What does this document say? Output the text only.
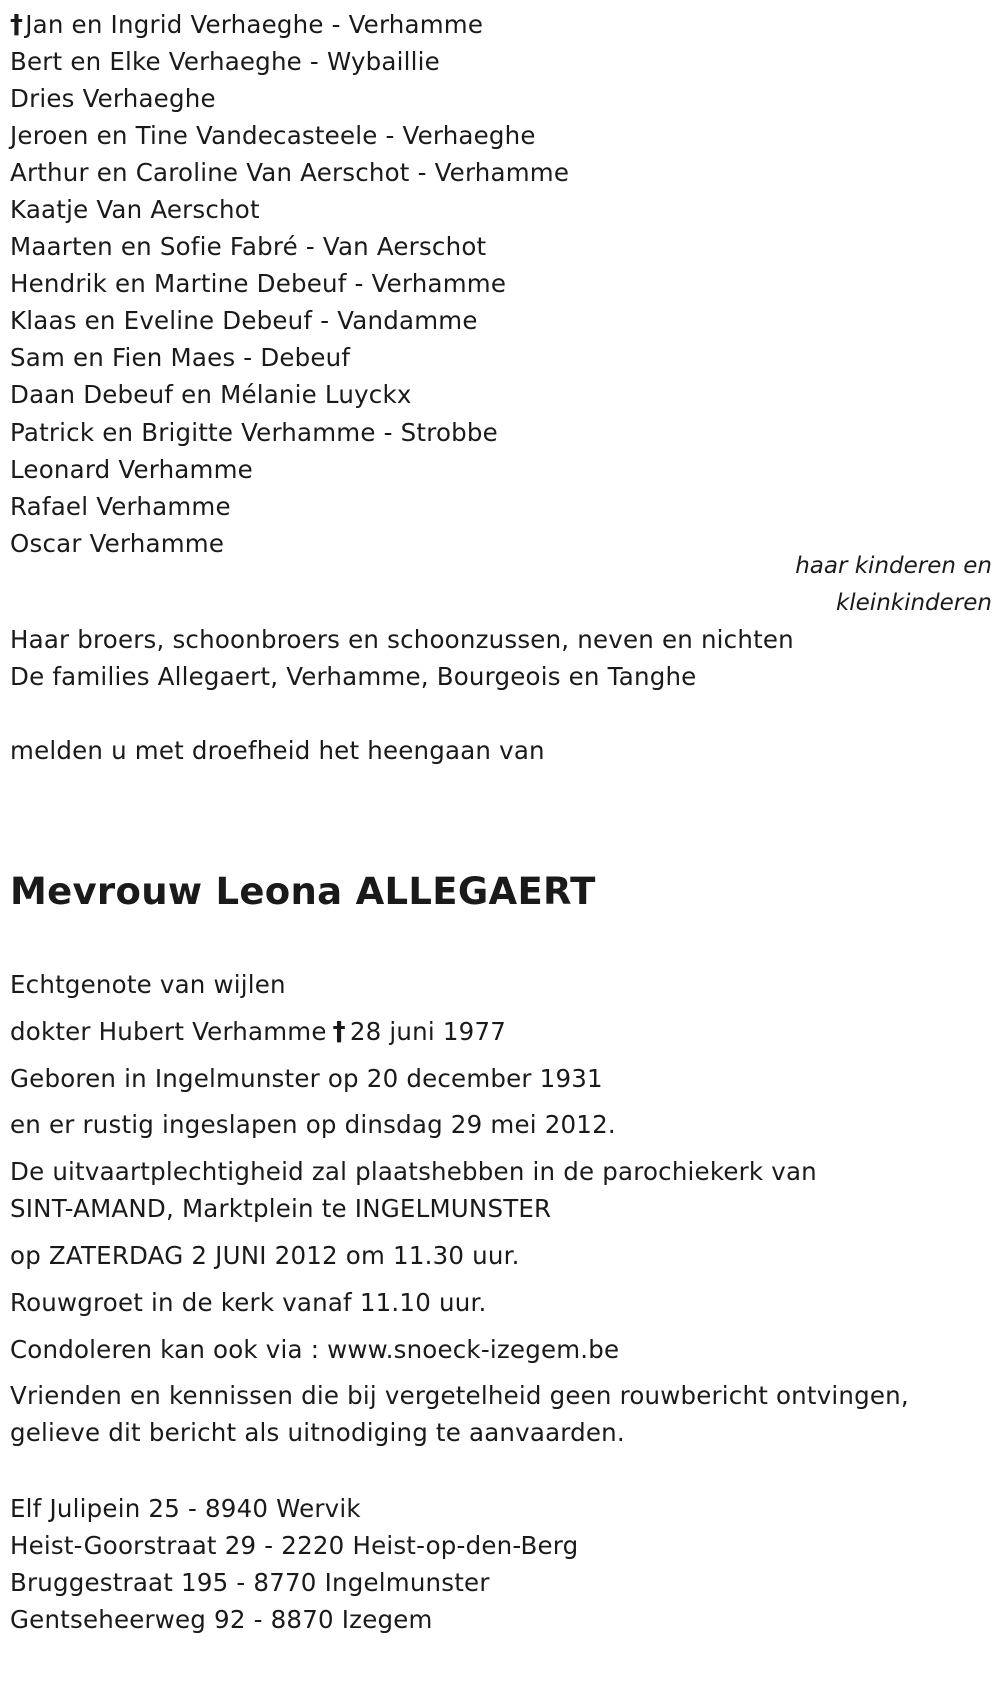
†Jan en Ingrid Verhaeghe - Verhamme
Bert en Elke Verhaeghe - Wybaillie
Dries Verhaeghe
Jeroen en Tine Vandecasteele - Verhaeghe
Arthur en Caroline Van Aerschot - Verhamme
Kaatje Van Aerschot
Maarten en Sofie Fabré - Van Aerschot
Hendrik en Martine Debeuf - Verhamme
Klaas en Eveline Debeuf - Vandamme
Sam en Fien Maes - Debeuf
Daan Debeuf en Mélanie Luyckx
Patrick en Brigitte Verhamme - Strobbe
Leonard Verhamme
Rafael Verhamme
Oscar Verhamme
haar kinderen en
kleinkinderen
Haar broers, schoonbroers en schoonzussen, neven en nichten
De families Allegaert, Verhamme, Bourgeois en Tanghe
melden u met droefheid het heengaan van
Mevrouw Leona ALLEGAERT
Echtgenote van wijlen
dokter Hubert Verhamme † 28 juni 1977
Geboren in Ingelmunster op 20 december 1931
en er rustig ingeslapen op dinsdag 29 mei 2012.
De uitvaartplechtigheid zal plaatshebben in de parochiekerk van
SINT-AMAND, Marktplein te INGELMUNSTER
op ZATERDAG 2 JUNI 2012 om 11.30 uur.
Rouwgroet in de kerk vanaf 11.10 uur.
Condoleren kan ook via : www.snoeck-izegem.be
Vrienden en kennissen die bij vergetelheid geen rouwbericht ontvingen,
gelieve dit bericht als uitnodiging te aanvaarden.
Elf Julipein 25 - 8940 Wervik
Heist-Goorstraat 29 - 2220 Heist-op-den-Berg
Bruggestraat 195 - 8770 Ingelmunster
Gentseheerweg 92 - 8870 Izegem
